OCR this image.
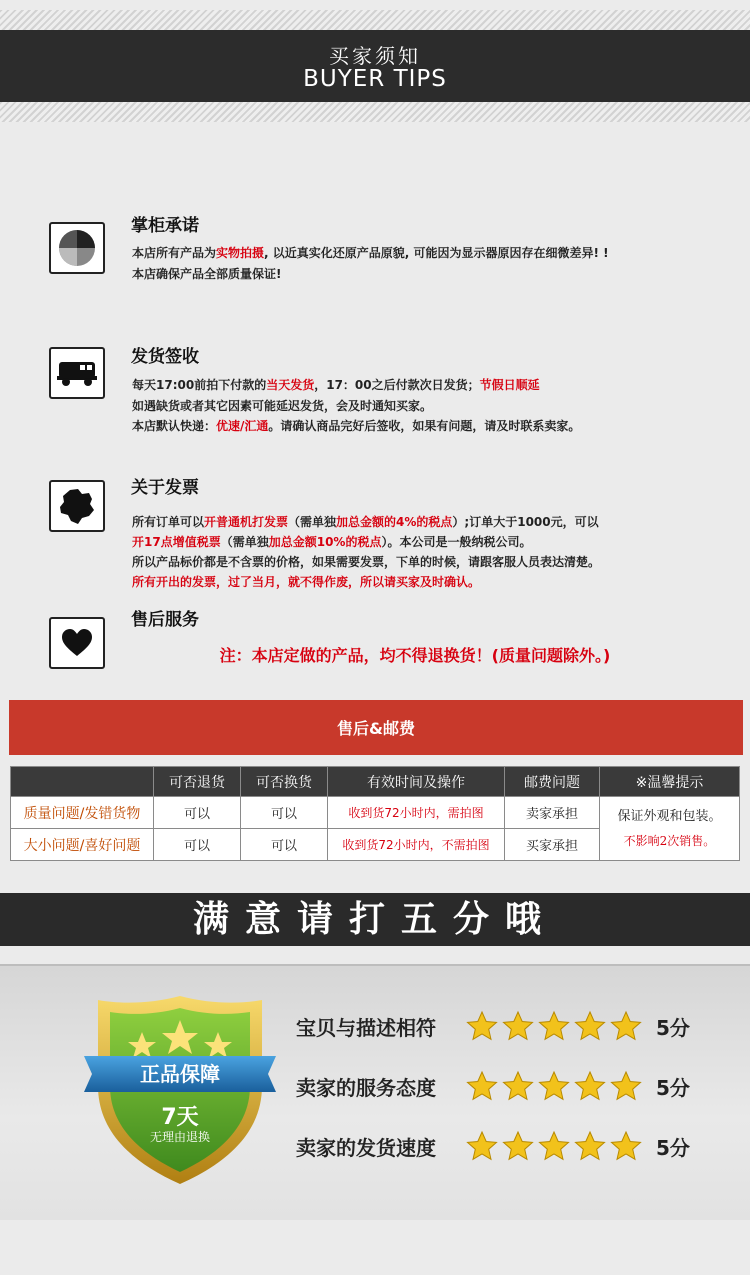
买家须知
BUYER TIPS
掌柜承诺
本店所有产品为实物拍摄, 以近真实化还原产品原貌, 可能因为显示器原因存在细微差异! !
本店确保产品全部质量保证!
发货签收
每天17:00前拍下付款的当天发货，17：00之后付款次日发货；节假日顺延
如遇缺货或者其它因素可能延迟发货，会及时通知买家。
本店默认快递：优速/汇通。请确认商品完好后签收，如果有问题，请及时联系卖家。
关于发票
所有订单可以开普通机打发票（需单独加总金额的4%的税点）;订单大于1000元，可以
开17点增值税票（需单独加总金额10%的税点）。本公司是一般纳税公司。
所以产品标价都是不含票的价格，如果需要发票，下单的时候，请跟客服人员表达清楚。
所有开出的发票，过了当月，就不得作废，所以请买家及时确认。
售后服务
注：本店定做的产品，均不得退换货！(质量问题除外。)
售后&邮费
	可否退货	可否换货	有效时间及操作	邮费问题	※温馨提示
质量问题/发错货物	可以	可以	收到货72小时内，需拍图	卖家承担	保证外观和包装。
不影响2次销售。

大小问题/喜好问题	可以	可以	收到货72小时内，不需拍图	买家承担	
满意请打五分哦
正品保障
7天
无理由退换
宝贝与描述相符	5分
卖家的服务态度	5分
卖家的发货速度	5分
